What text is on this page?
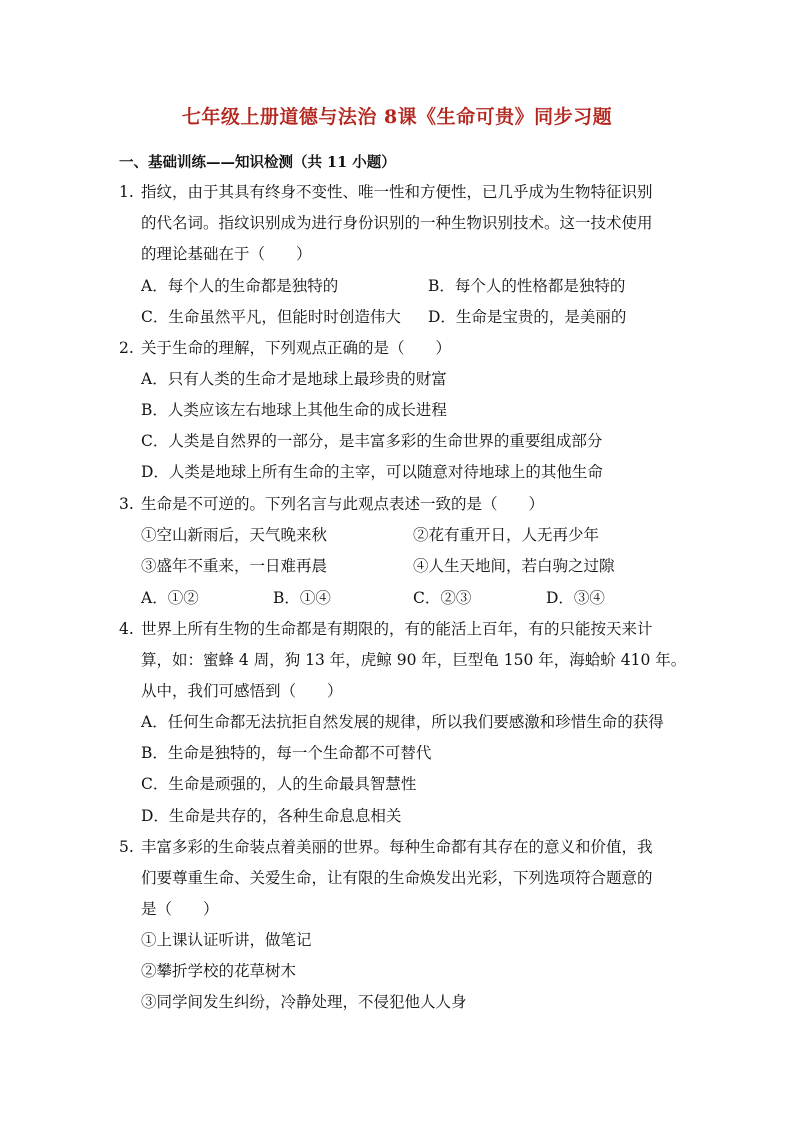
七年级上册道德与法治 8课《生命可贵》同步习题
一、基础训练——知识检测（共 11 小题）
1. 指纹，由于其具有终身不变性、唯一性和方便性，已几乎成为生物特征识别
的代名词。指纹识别成为进行身份识别的一种生物识别技术。这一技术使用
的理论基础在于（　　）
A．每个人的生命都是独特的	B．每个人的性格都是独特的
C．生命虽然平凡，但能时时创造伟大 D．生命是宝贵的，是美丽的
2. 关于生命的理解，下列观点正确的是（　　）
A．只有人类的生命才是地球上最珍贵的财富
B．人类应该左右地球上其他生命的成长进程
C．人类是自然界的一部分，是丰富多彩的生命世界的重要组成部分
D．人类是地球上所有生命的主宰，可以随意对待地球上的其他生命
3. 生命是不可逆的。下列名言与此观点表述一致的是（　　）
①空山新雨后，天气晚来秋	②花有重开日，人无再少年
③盛年不重来，一日难再晨	④人生天地间，若白驹之过隙
A．①②	B．①④	C．②③	D．③④
4. 世界上所有生物的生命都是有期限的，有的能活上百年，有的只能按天来计
算，如：蜜蜂 4 周，狗 13 年，虎鲸 90 年，巨型龟 150 年，海蛤蚧 410 年。
从中，我们可感悟到（　　）
A．任何生命都无法抗拒自然发展的规律，所以我们要感激和珍惜生命的获得
B．生命是独特的，每一个生命都不可替代
C．生命是顽强的，人的生命最具智慧性
D．生命是共存的，各种生命息息相关
5. 丰富多彩的生命装点着美丽的世界。每种生命都有其存在的意义和价值，我
们要尊重生命、关爱生命，让有限的生命焕发出光彩，下列选项符合题意的
是（　　）
①上课认证听讲，做笔记
②攀折学校的花草树木
③同学间发生纠纷，冷静处理，不侵犯他人人身
